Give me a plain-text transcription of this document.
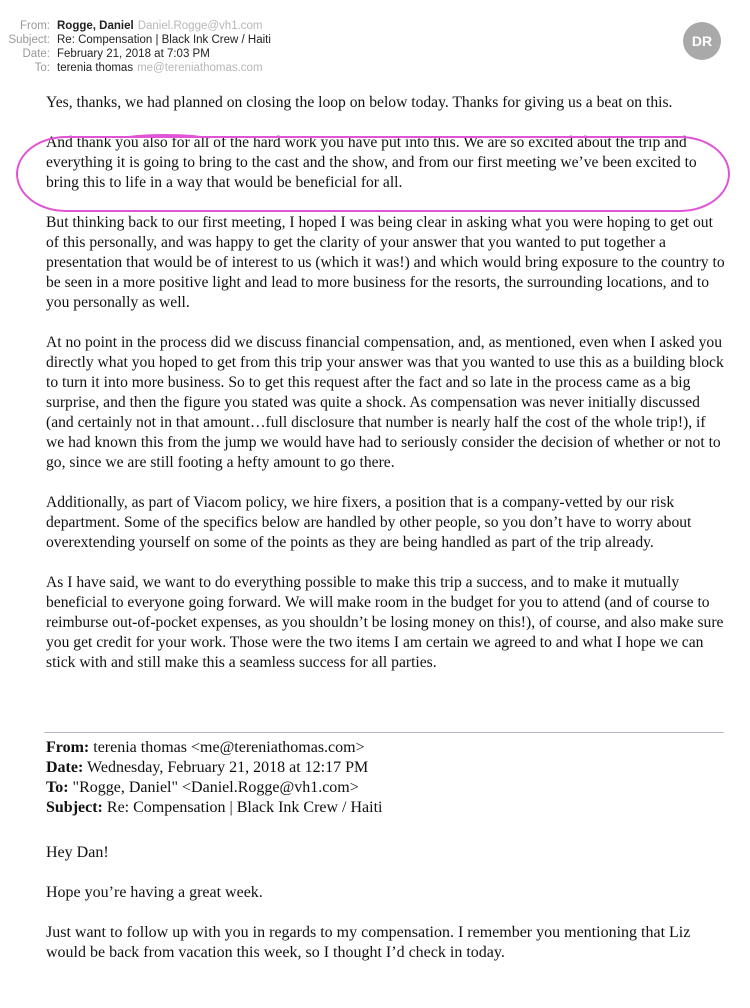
From: Rogge, Daniel Daniel.Rogge@vh1.com
Subject: Re: Compensation | Black Ink Crew / Haiti
Date: February 21, 2018 at 7:03 PM
To: terenia thomas me@tereniathomas.com
DR

Yes, thanks, we had planned on closing the loop on below today. Thanks for giving us a beat on this.

And thank you also for all of the hard work you have put into this. We are so excited about the trip and everything it is going to bring to the cast and the show, and from our first meeting we’ve been excited to bring this to life in a way that would be beneficial for all.

But thinking back to our first meeting, I hoped I was being clear in asking what you were hoping to get out of this personally, and was happy to get the clarity of your answer that you wanted to put together a presentation that would be of interest to us (which it was!) and which would bring exposure to the country to be seen in a more positive light and lead to more business for the resorts, the surrounding locations, and to you personally as well.

At no point in the process did we discuss financial compensation, and, as mentioned, even when I asked you directly what you hoped to get from this trip your answer was that you wanted to use this as a building block to turn it into more business. So to get this request after the fact and so late in the process came as a big surprise, and then the figure you stated was quite a shock. As compensation was never initially discussed (and certainly not in that amount…full disclosure that number is nearly half the cost of the whole trip!), if we had known this from the jump we would have had to seriously consider the decision of whether or not to go, since we are still footing a hefty amount to go there.

Additionally, as part of Viacom policy, we hire fixers, a position that is a company-vetted by our risk department. Some of the specifics below are handled by other people, so you don’t have to worry about overextending yourself on some of the points as they are being handled as part of the trip already.

As I have said, we want to do everything possible to make this trip a success, and to make it mutually beneficial to everyone going forward. We will make room in the budget for you to attend (and of course to reimburse out-of-pocket expenses, as you shouldn’t be losing money on this!), of course, and also make sure you get credit for your work. Those were the two items I am certain we agreed to and what I hope we can stick with and still make this a seamless success for all parties.

From: terenia thomas <me@tereniathomas.com>

Date: Wednesday, February 21, 2018 at 12:17 PM

To: "Rogge, Daniel" <Daniel.Rogge@vh1.com>

Subject: Re: Compensation | Black Ink Crew / Haiti

Hey Dan!

Hope you’re having a great week.

Just want to follow up with you in regards to my compensation. I remember you mentioning that Liz would be back from vacation this week, so I thought I’d check in today.
